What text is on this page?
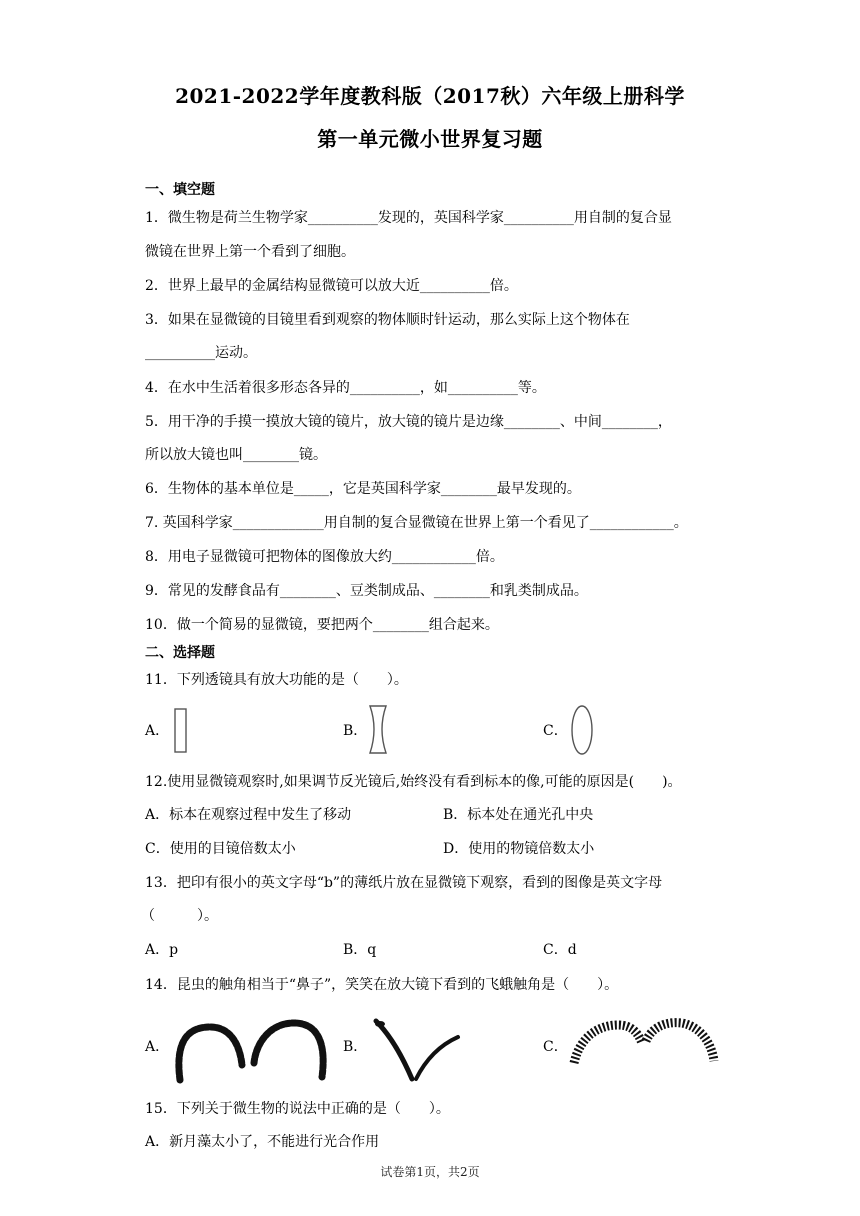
2021-2022学年度教科版（2017秋）六年级上册科学
第一单元微小世界复习题
一、填空题
1．微生物是荷兰生物学家__________发现的，英国科学家__________用自制的复合显
微镜在世界上第一个看到了细胞。
2．世界上最早的金属结构显微镜可以放大近__________倍。
3．如果在显微镜的目镜里看到观察的物体顺时针运动，那么实际上这个物体在
__________运动。
4．在水中生活着很多形态各异的__________，如__________等。
5．用干净的手摸一摸放大镜的镜片，放大镜的镜片是边缘________、中间________，
所以放大镜也叫________镜。
6．生物体的基本单位是_____，它是英国科学家________最早发现的。
7. 英国科学家_____________用自制的复合显微镜在世界上第一个看见了____________。
8．用电子显微镜可把物体的图像放大约____________倍。
9．常见的发酵食品有________、豆类制成品、________和乳类制成品。
10．做一个简易的显微镜，要把两个________组合起来。
二、选择题
11．下列透镜具有放大功能的是（　　）。
A．	B．	C．
12.使用显微镜观察时,如果调节反光镜后,始终没有看到标本的像,可能的原因是(　　)。
A．标本在观察过程中发生了移动	B．标本处在通光孔中央
C．使用的目镜倍数太小	D．使用的物镜倍数太小
13．把印有很小的英文字母“b”的薄纸片放在显微镜下观察，看到的图像是英文字母
（　　　）。
A．p	B．q	C．d
14．昆虫的触角相当于“鼻子”，笑笑在放大镜下看到的飞蛾触角是（　　）。
A．	B．	C．
15．下列关于微生物的说法中正确的是（　　）。
A．新月藻太小了，不能进行光合作用
试卷第1页，共2页
